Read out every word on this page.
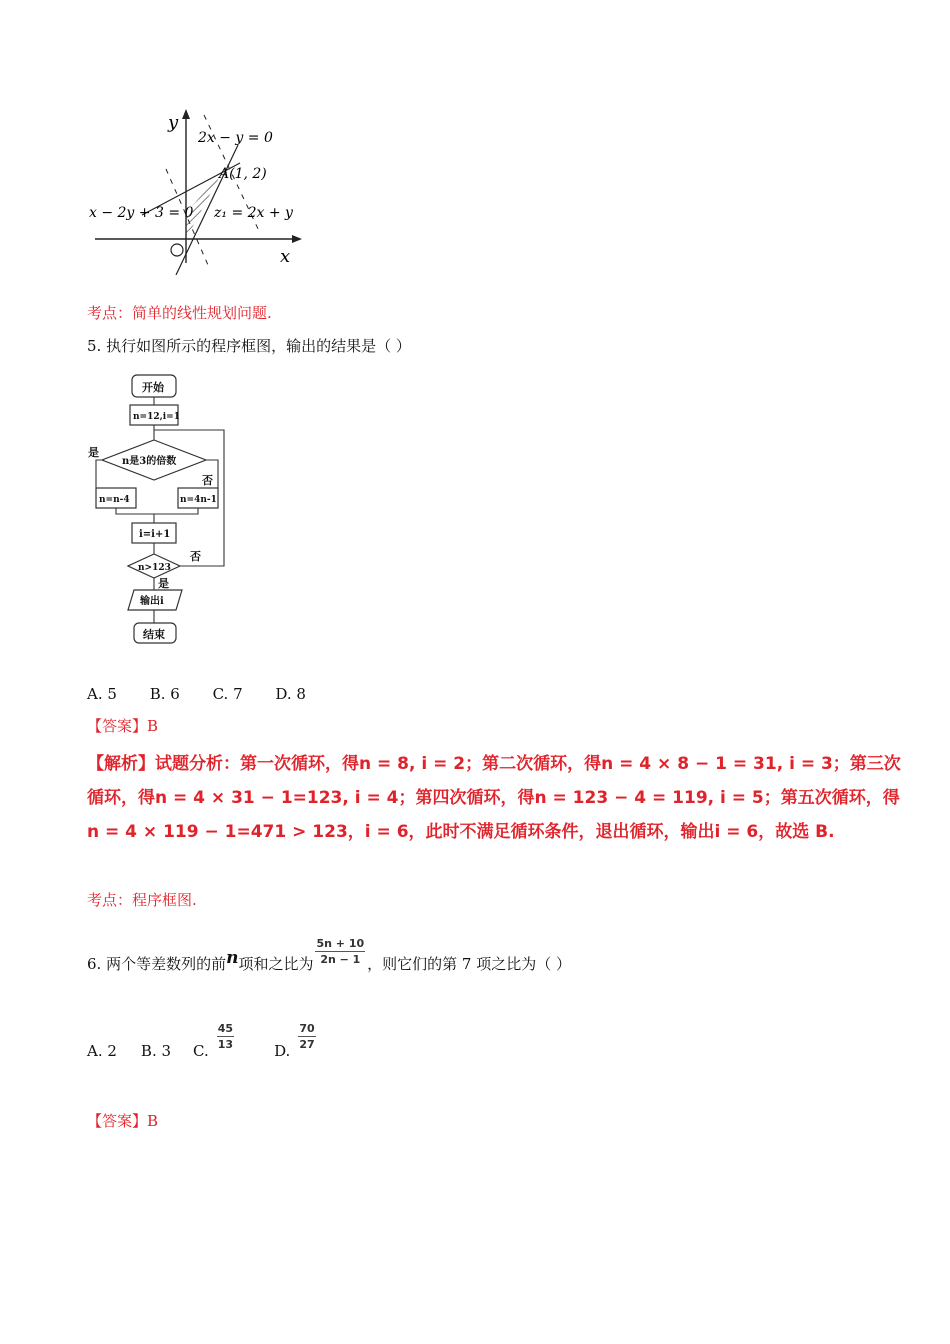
y
x
2x − y = 0
A(1, 2)
x − 2y + 3 = 0 z₁ = 2x + y
考点：简单的线性规划问题.
5. 执行如图所示的程序框图，输出的结果是（ ）
开始
n=12,i=1
n是3的倍数
是
否
n=n-4	n=4n-1
i=i+1
n>123
否
是
输出i
结束
A. 5 B. 6 C. 7 D. 8
【答案】B
【解析】试题分析：第一次循环，得n = 8, i = 2；第二次循环，得n = 4 × 8 − 1 = 31, i = 3；第三次
循环，得n = 4 × 31 − 1=123, i = 4；第四次循环，得n = 123 − 4 = 119, i = 5；第五次循环，得
n = 4 × 119 − 1=471 > 123，i = 6，此时不满足循环条件，退出循环，输出i = 6，故选 B.
考点：程序框图.
6. 两个等差数列的前n项和之比为 $\frac{5n + 10}{2n - 1}$ ，则它们的第 7 项之比为（ ）
A. 2 B. 3 C. $\frac{45}{13}$	D. $\frac{70}{27}$
【答案】B
